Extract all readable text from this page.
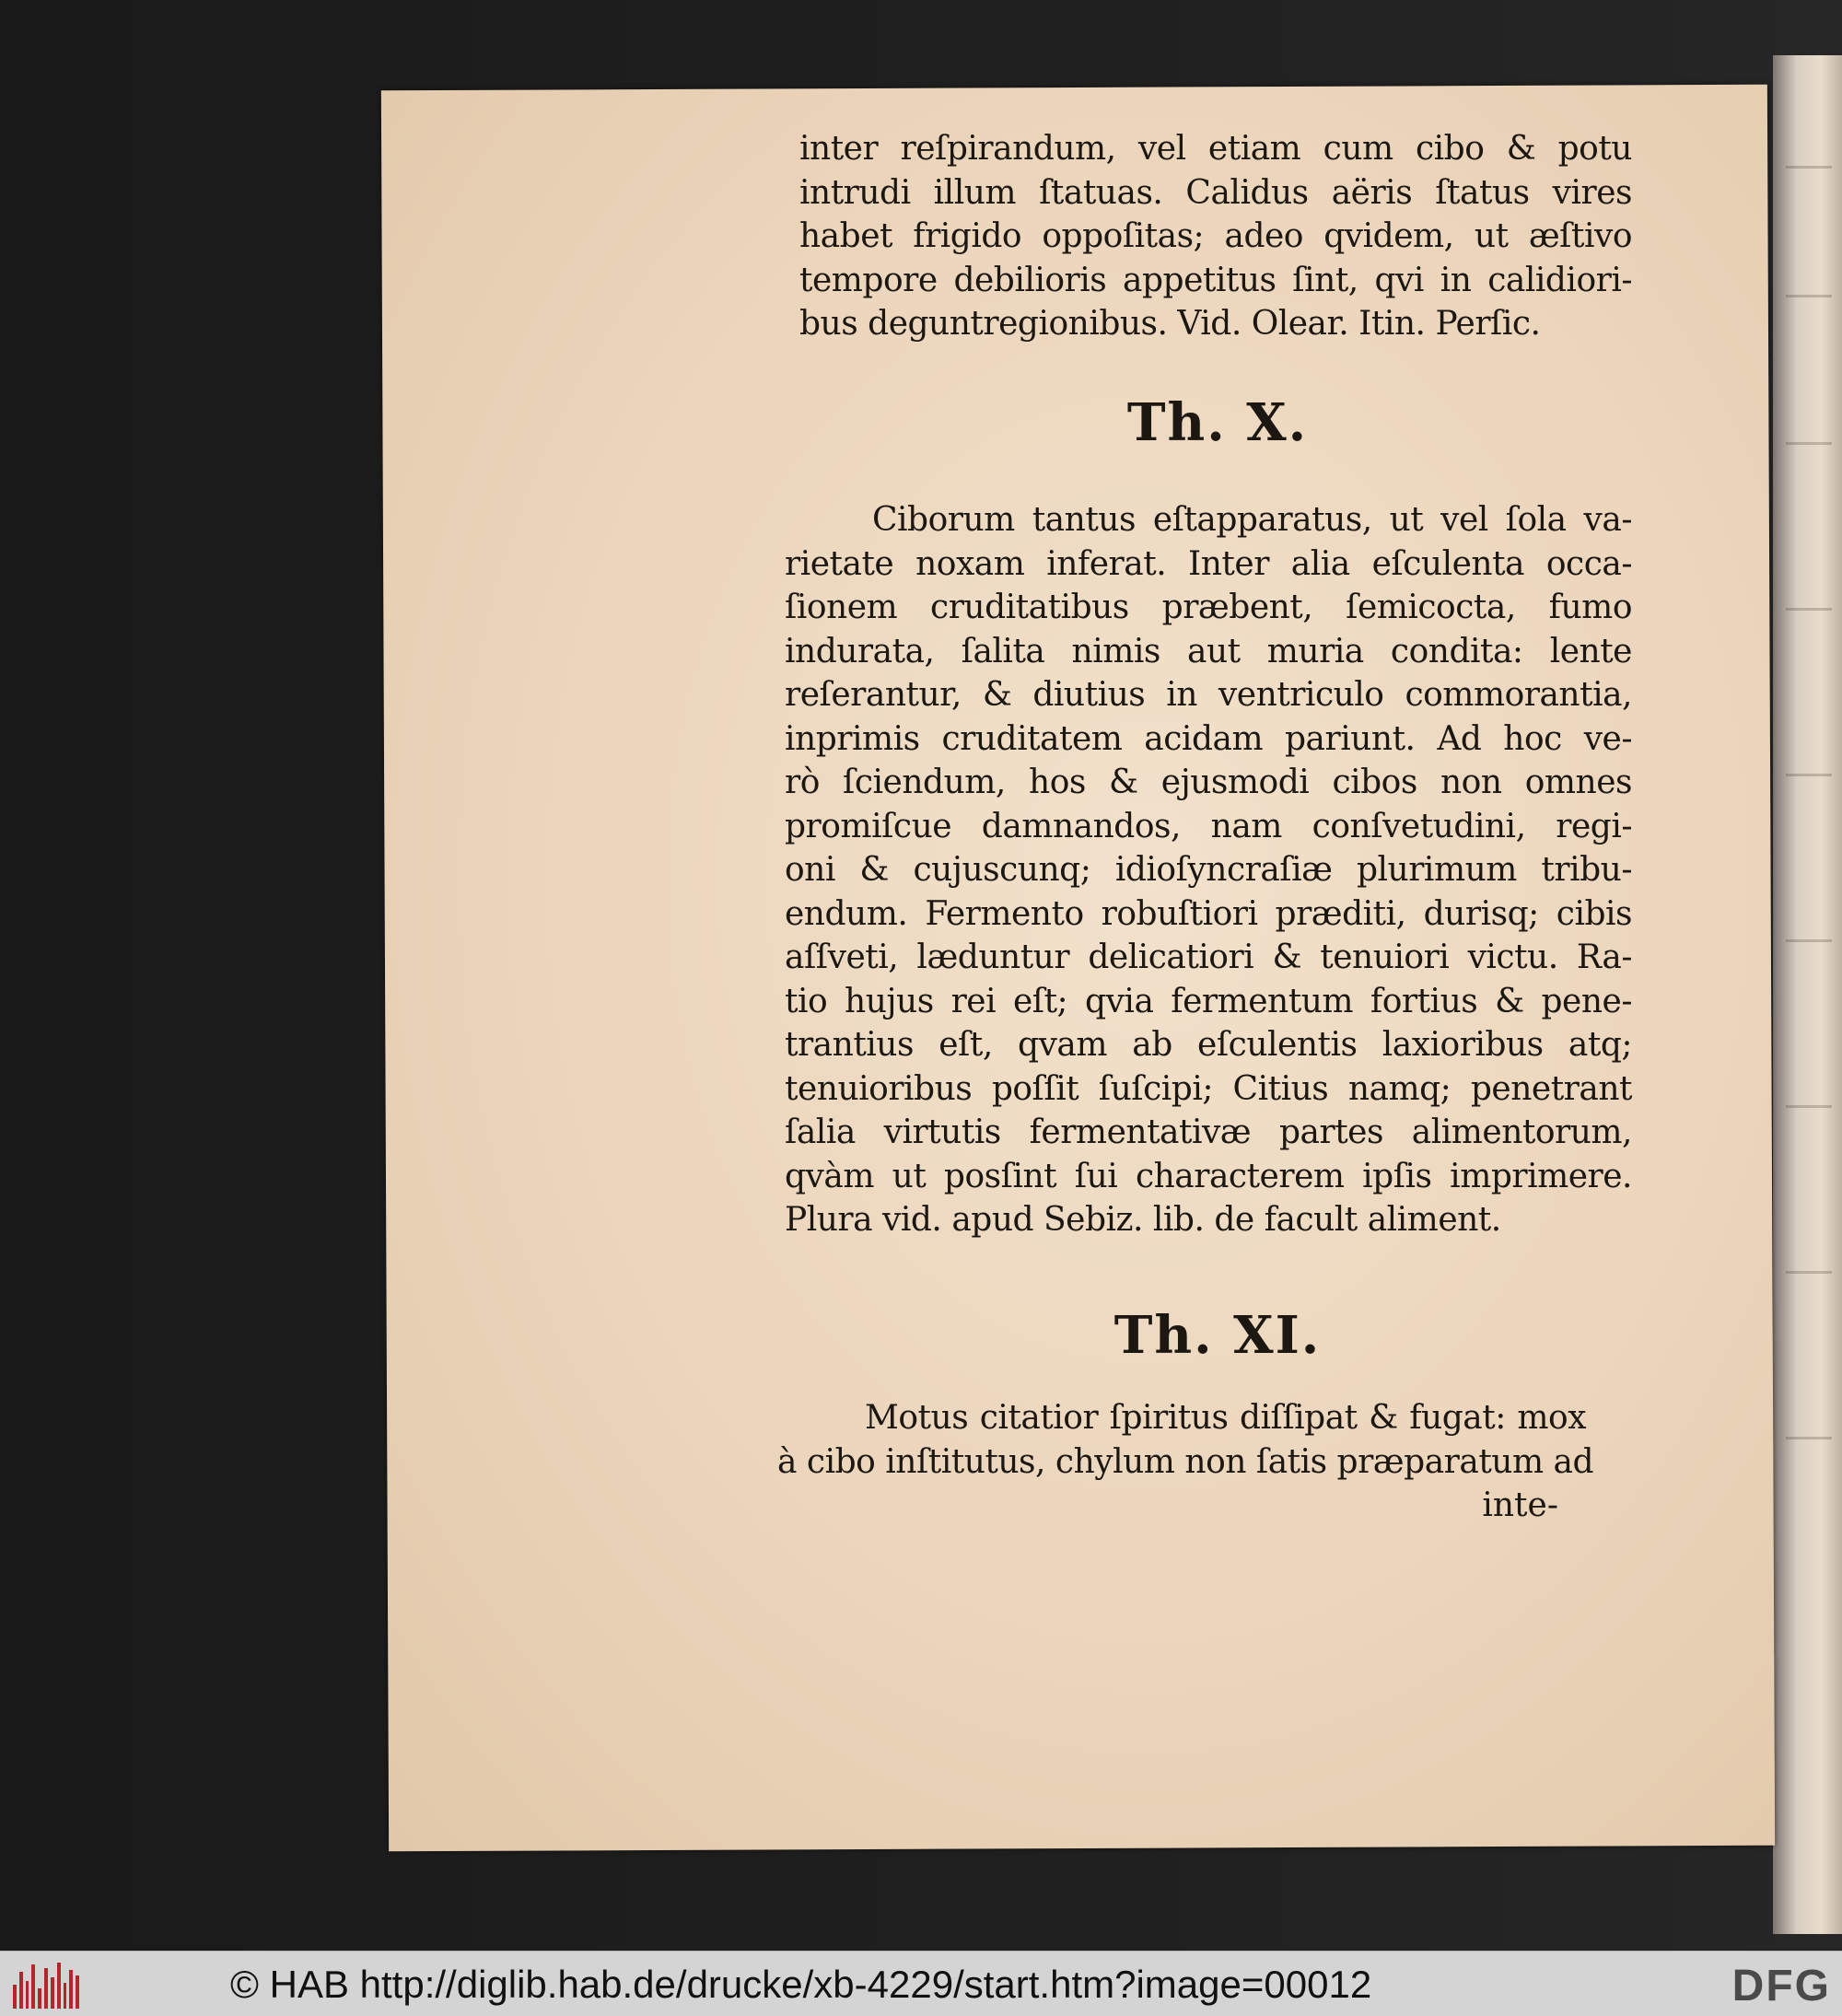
inter reſpirandum, vel etiam cum cibo & potu
intrudi illum ſtatuas. Calidus aëris ſtatus vires
habet frigido oppoſitas; adeo qvidem, ut æſtivo
tempore debilioris appetitus ſint, qvi in calidiori-
bus deguntregionibus. Vid. Olear. Itin. Perſic.
Th. X.
Ciborum tantus eſtapparatus, ut vel ſola va-
rietate noxam inferat. Inter alia eſculenta occa-
ſionem cruditatibus præbent, ſemicocta, fumo
indurata, ſalita nimis aut muria condita: lente
reſerantur, & diutius in ventriculo commorantia,
inprimis cruditatem acidam pariunt. Ad hoc ve-
rò ſciendum, hos & ejusmodi cibos non omnes
promiſcue damnandos, nam conſvetudini, regi-
oni & cujuscunq; idioſyncraſiæ plurimum tribu-
endum. Fermento robuſtiori præditi, durisq; cibis
aſſveti, læduntur delicatiori & tenuiori victu. Ra-
tio hujus rei eſt; qvia fermentum fortius & pene-
trantius eſt, qvam ab eſculentis laxioribus atq;
tenuioribus poſſit ſuſcipi; Citius namq; penetrant
ſalia virtutis fermentativæ partes alimentorum,
qvàm ut posſint ſui characterem ipſis imprimere.
Plura vid. apud Sebiz. lib. de facult aliment.
Th. XI.
Motus citatior ſpiritus diſſipat & fugat: mox
à cibo inſtitutus, chylum non ſatis præparatum ad
inte-
© HAB http://diglib.hab.de/drucke/xb-4229/start.htm?image=00012	DFG
